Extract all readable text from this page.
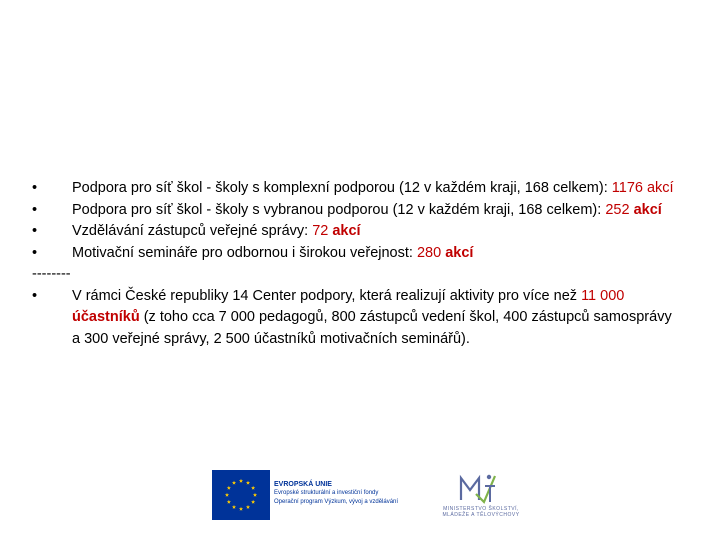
•	Podpora pro síť škol - školy s komplexní podporou (12 v každém kraji, 168 celkem): 1176 akcí
•	Podpora pro síť škol - školy s vybranou podporou (12 v každém kraji, 168 celkem): 252 akcí
•	Vzdělávání zástupců veřejné správy: 72 akcí
•	Motivační semináře pro odbornou i širokou veřejnost: 280 akcí
--------
•	V rámci České republiky 14 Center podpory, která realizují aktivity pro více než 11 000 účastníků (z toho cca 7 000 pedagogů, 800 zástupců vedení škol, 400 zástupců samosprávy a 300 veřejné správy, 2 500 účastníků motivačních seminářů).
EVROPSKÁ UNIE
Evropské strukturální a investiční fondy
Operační program Výzkum, vývoj a vzdělávání
MINISTERSTVO ŠKOLSTVÍ, MLÁDEŽE A TĚLOVÝCHOVY
